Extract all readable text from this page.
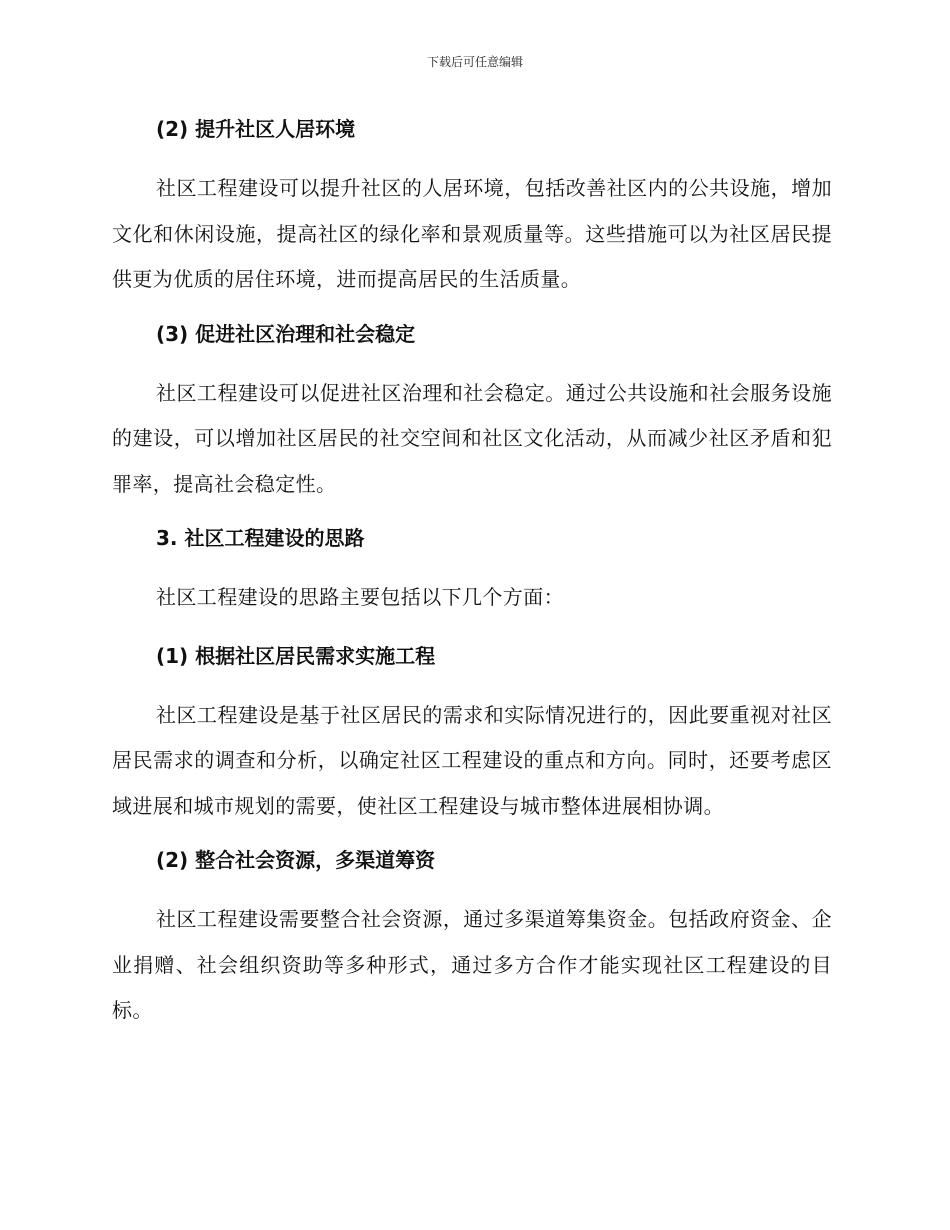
下载后可任意编辑
(2) 提升社区人居环境
社区工程建设可以提升社区的人居环境，包括改善社区内的公共设施，增加文化和休闲设施，提高社区的绿化率和景观质量等。这些措施可以为社区居民提供更为优质的居住环境，进而提高居民的生活质量。
(3) 促进社区治理和社会稳定
社区工程建设可以促进社区治理和社会稳定。通过公共设施和社会服务设施的建设，可以增加社区居民的社交空间和社区文化活动，从而减少社区矛盾和犯罪率，提高社会稳定性。
3. 社区工程建设的思路
社区工程建设的思路主要包括以下几个方面：
(1) 根据社区居民需求实施工程
社区工程建设是基于社区居民的需求和实际情况进行的，因此要重视对社区居民需求的调查和分析，以确定社区工程建设的重点和方向。同时，还要考虑区域进展和城市规划的需要，使社区工程建设与城市整体进展相协调。
(2) 整合社会资源，多渠道筹资
社区工程建设需要整合社会资源，通过多渠道筹集资金。包括政府资金、企业捐赠、社会组织资助等多种形式，通过多方合作才能实现社区工程建设的目标。
